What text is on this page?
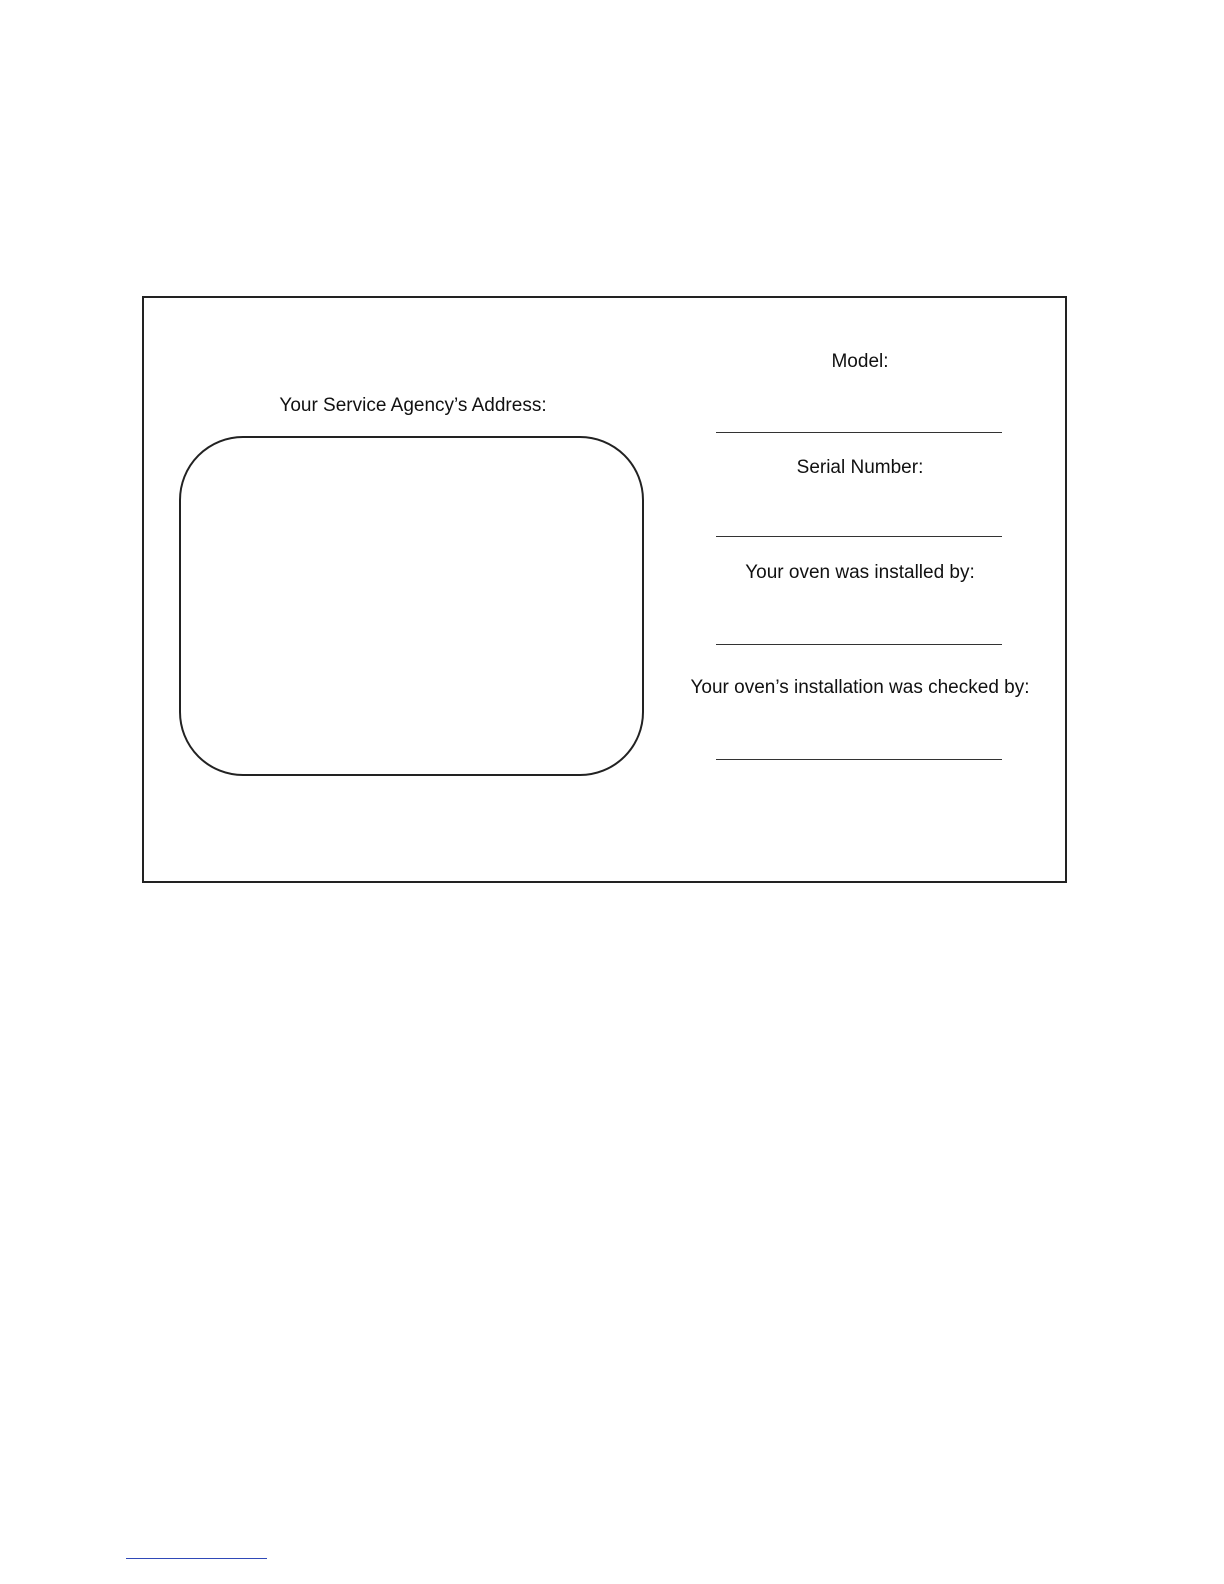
Your Service Agency’s Address:
Model:
Serial Number:
Your oven was installed by:
Your oven’s installation was checked by:
